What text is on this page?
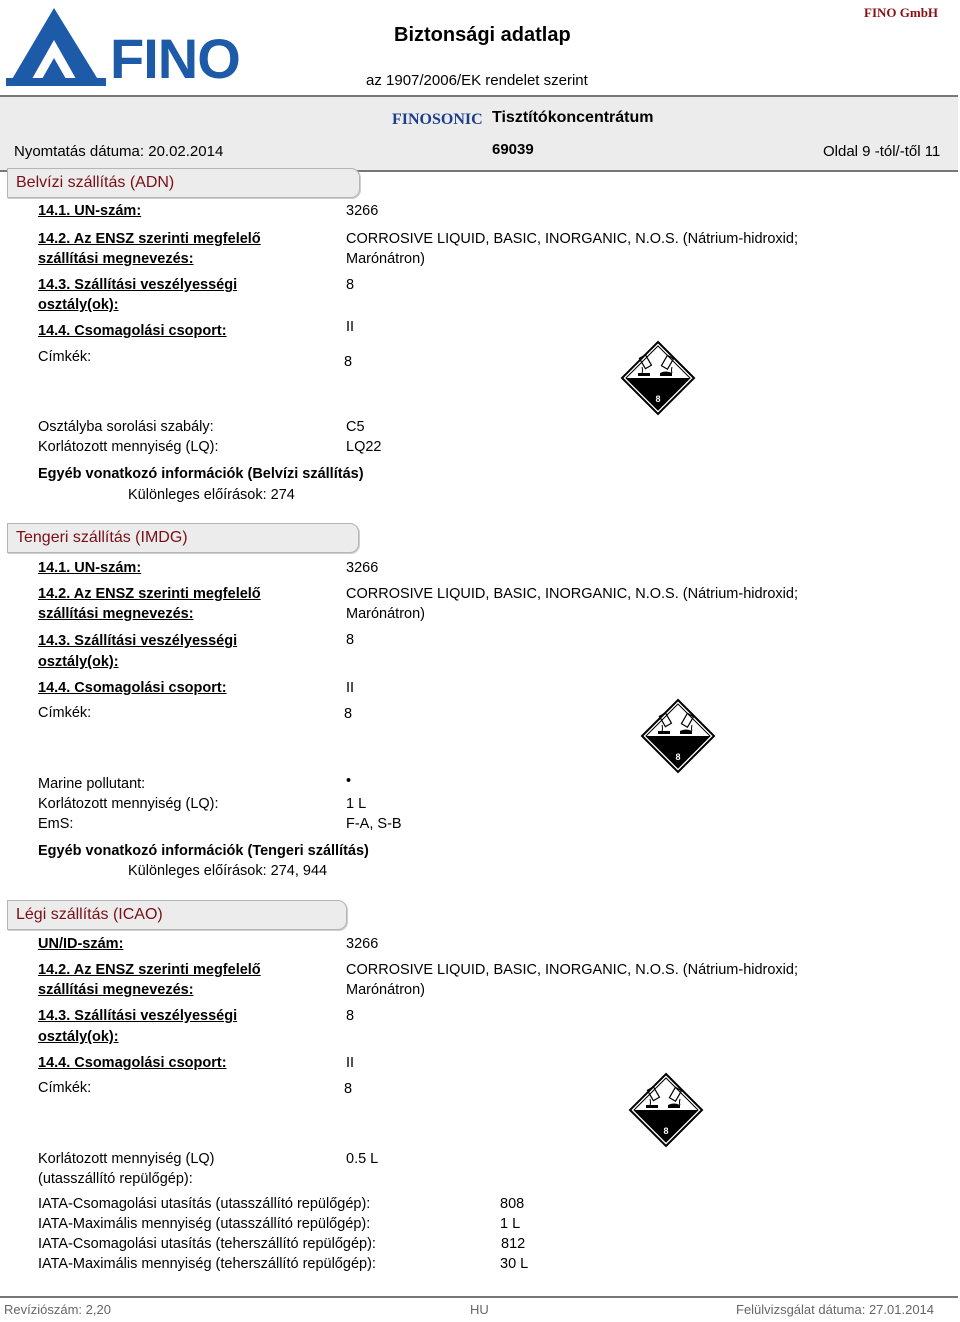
FINO	Biztonsági adatlap
az 1907/2006/EK rendelet szerint
FINO GmbH
FINOSONIC Tisztítókoncentrátum
Nyomtatás dátuma: 20.02.2014	69039	Oldal 9 -tól/-től 11
Belvízi szállítás (ADN)
14.1. UN-szám:	3266
14.2. Az ENSZ szerinti megfelelő
szállítási megnevezés:
CORROSIVE LIQUID, BASIC, INORGANIC, N.O.S. (Nátrium-hidroxid;
Marónátron)
14.3. Szállítási veszélyességi
osztály(ok):
8
14.4. Csomagolási csoport:	II
Címkék:	8
8
Osztályba sorolási szabály:	C5
Korlátozott mennyiség (LQ):	LQ22
Egyéb vonatkozó információk (Belvízi szállítás)
Különleges előírások: 274
Tengeri szállítás (IMDG)
14.1. UN-szám:	3266
14.2. Az ENSZ szerinti megfelelő
szállítási megnevezés:
CORROSIVE LIQUID, BASIC, INORGANIC, N.O.S. (Nátrium-hidroxid;
Marónátron)
14.3. Szállítási veszélyességi
osztály(ok):
8
14.4. Csomagolási csoport:	II
Címkék:	8
8
Marine pollutant:	•
Korlátozott mennyiség (LQ):	1 L
EmS:	F-A, S-B
Egyéb vonatkozó információk (Tengeri szállítás)
Különleges előírások: 274, 944
Légi szállítás (ICAO)
UN/ID-szám:	3266
14.2. Az ENSZ szerinti megfelelő
szállítási megnevezés:
CORROSIVE LIQUID, BASIC, INORGANIC, N.O.S. (Nátrium-hidroxid;
Marónátron)
14.3. Szállítási veszélyességi
osztály(ok):
8
14.4. Csomagolási csoport:	II
Címkék:	8
8
Korlátozott mennyiség (LQ)
(utasszállító repülőgép):
0.5 L
IATA-Csomagolási utasítás (utasszállító repülőgép):	808
IATA-Maximális mennyiség (utasszállító repülőgép):	1 L
IATA-Csomagolási utasítás (teherszállító repülőgép):	812
IATA-Maximális mennyiség (teherszállító repülőgép):	30 L
Revíziószám: 2,20	HU	Felülvizsgálat dátuma: 27.01.2014
